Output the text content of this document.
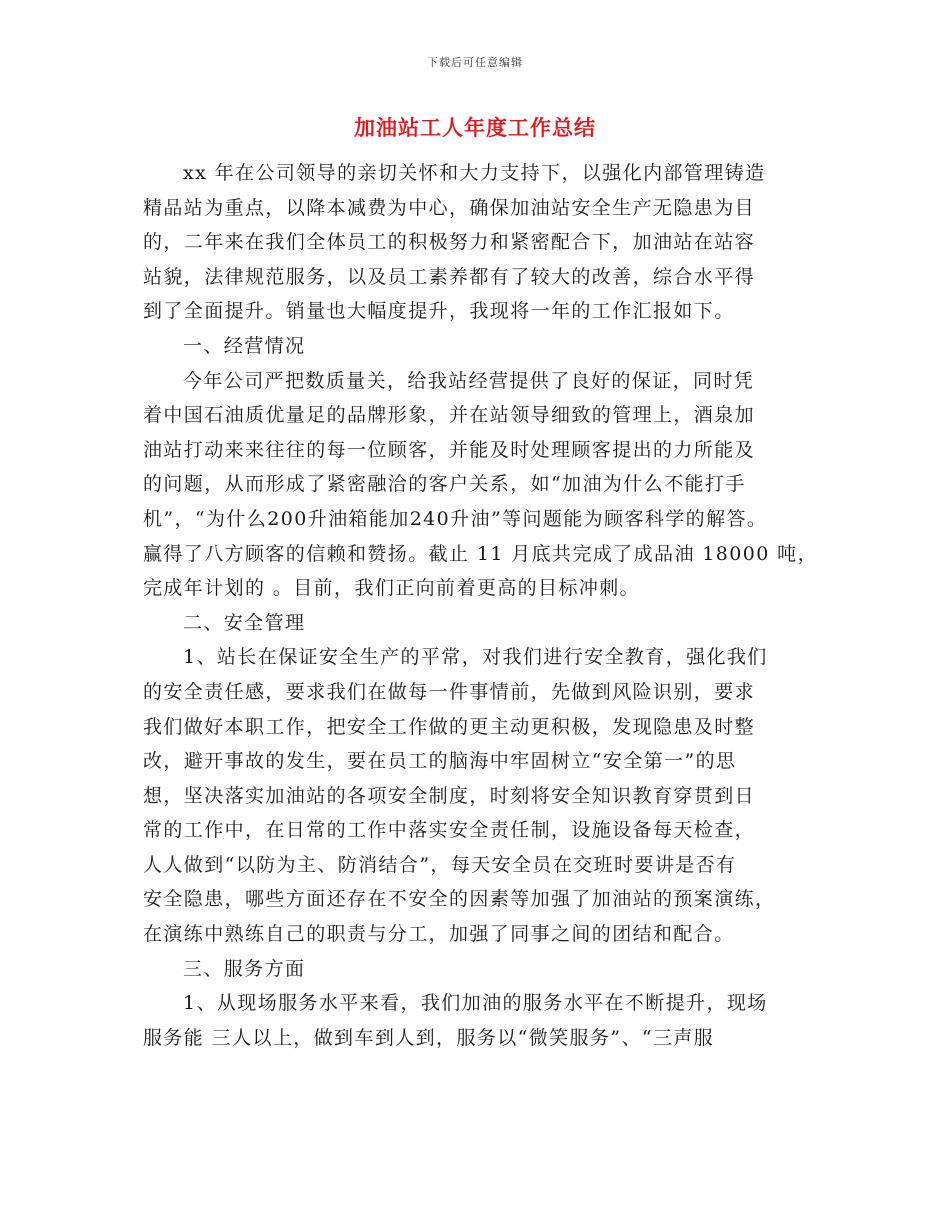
下载后可任意编辑
加油站工人年度工作总结
xx 年在公司领导的亲切关怀和大力支持下，以强化内部管理铸造
精品站为重点，以降本减费为中心，确保加油站安全生产无隐患为目
的，二年来在我们全体员工的积极努力和紧密配合下，加油站在站容
站貌，法律规范服务，以及员工素养都有了较大的改善，综合水平得
到了全面提升。销量也大幅度提升，我现将一年的工作汇报如下。
一、经营情况
今年公司严把数质量关，给我站经营提供了良好的保证，同时凭
着中国石油质优量足的品牌形象，并在站领导细致的管理上，酒泉加
油站打动来来往往的每一位顾客，并能及时处理顾客提出的力所能及
的问题，从而形成了紧密融洽的客户关系，如“加油为什么不能打手
机”，“为什么200升油箱能加240升油”等问题能为顾客科学的解答。
赢得了八方顾客的信赖和赞扬。截止 11 月底共完成了成品油 18000 吨，
完成年计划的 。目前，我们正向前着更高的目标冲刺。
二、安全管理
1、站长在保证安全生产的平常，对我们进行安全教育，强化我们
的安全责任感，要求我们在做每一件事情前，先做到风险识别，要求
我们做好本职工作，把安全工作做的更主动更积极，发现隐患及时整
改，避开事故的发生，要在员工的脑海中牢固树立“安全第一”的思
想，坚决落实加油站的各项安全制度，时刻将安全知识教育穿贯到日
常的工作中，在日常的工作中落实安全责任制，设施设备每天检查，
人人做到“以防为主、防消结合”，每天安全员在交班时要讲是否有
安全隐患，哪些方面还存在不安全的因素等加强了加油站的预案演练，
在演练中熟练自己的职责与分工，加强了同事之间的团结和配合。
三、服务方面
1、从现场服务水平来看，我们加油的服务水平在不断提升，现场
服务能 三人以上，做到车到人到，服务以“微笑服务”、“三声服
